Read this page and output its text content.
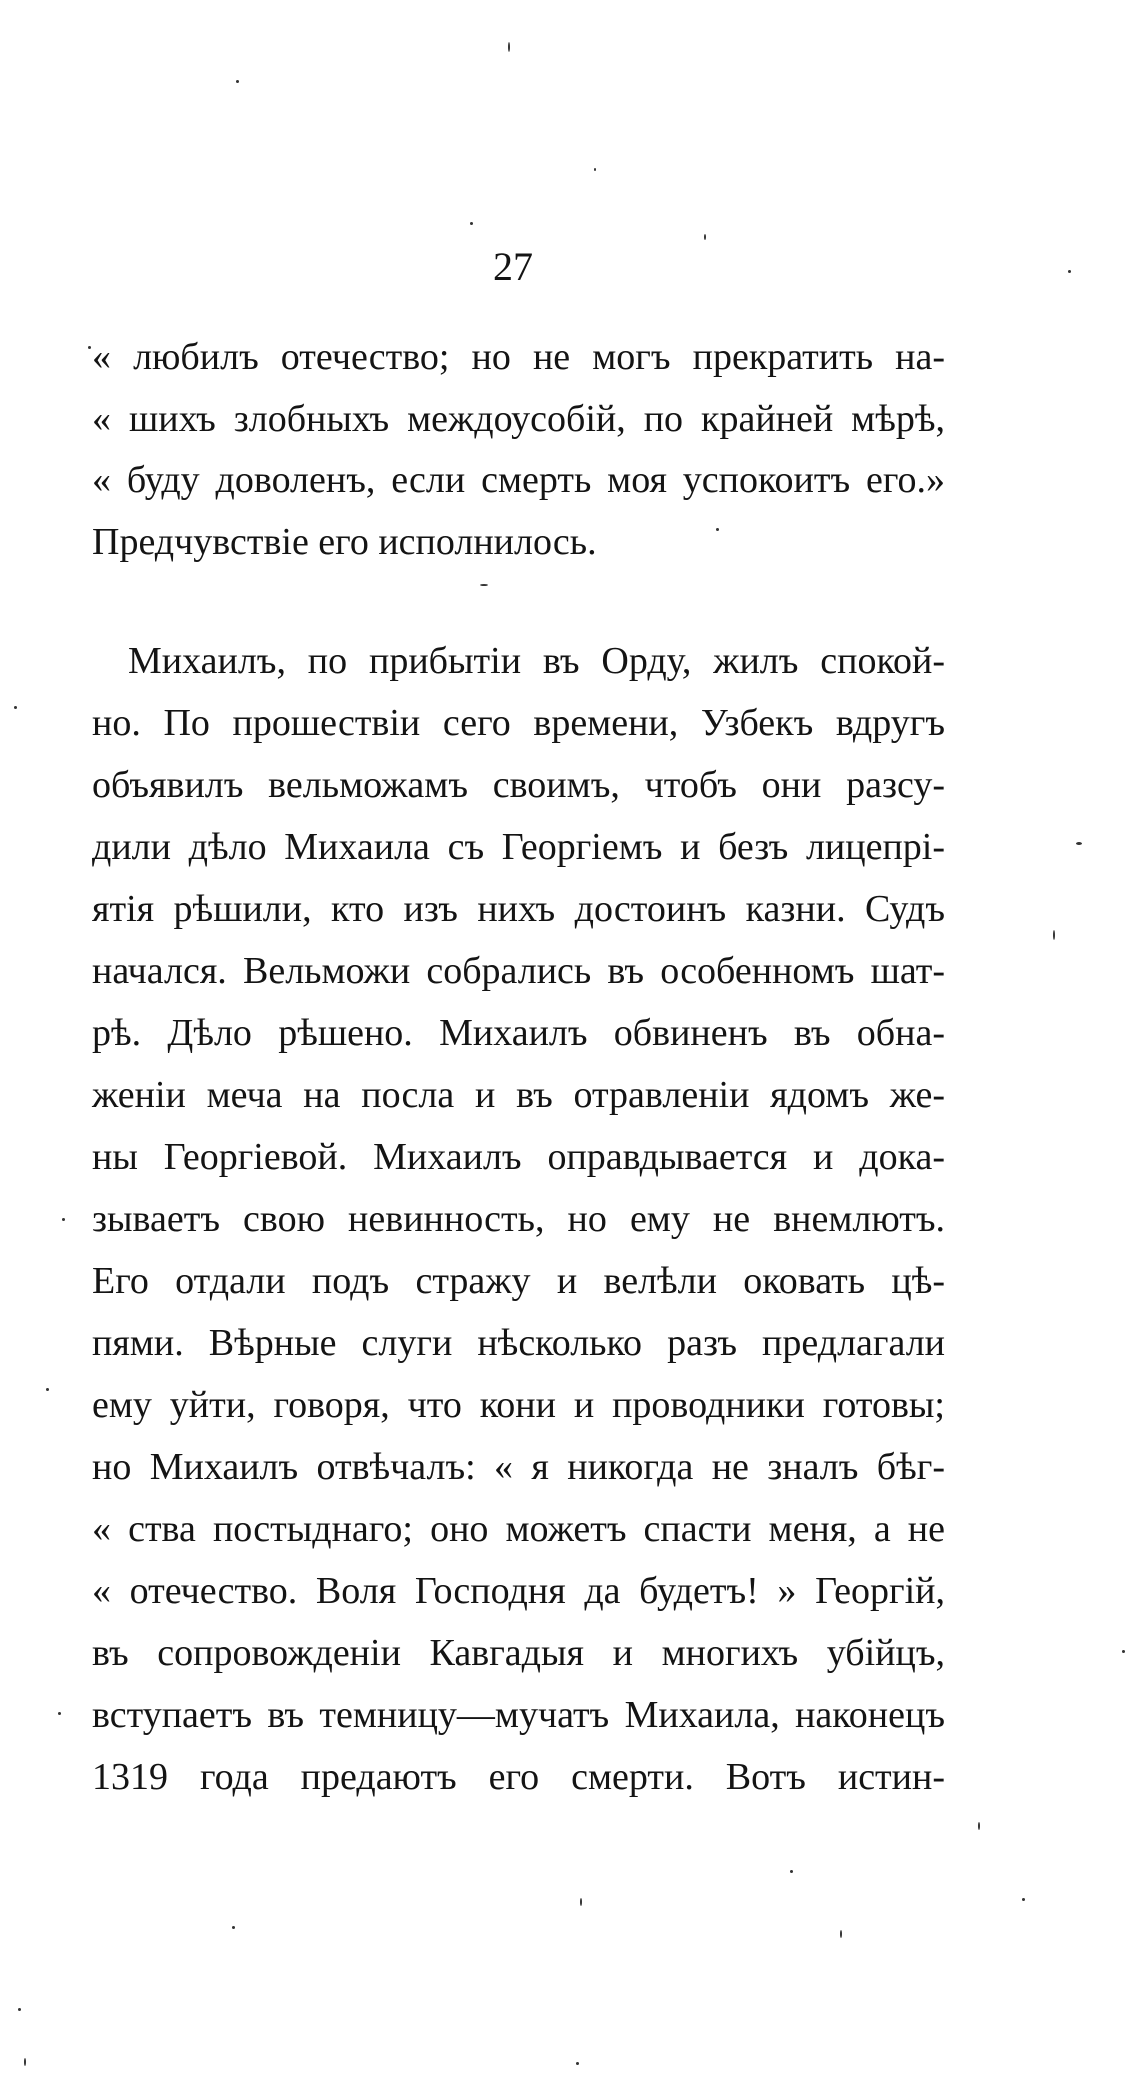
27
« любилъ отечество; но не могъ прекратить на-
« шихъ злобныхъ междоусобій, по крайней мѣрѣ,
« буду доволенъ, если смерть моя успокоитъ его.»
Предчувствіе его исполнилось.
Михаилъ, по прибытіи въ Орду, жилъ спокой-
но. По прошествіи сего времени, Узбекъ вдругъ
объявилъ вельможамъ своимъ, чтобъ они разсу-
дили дѣло Михаила съ Георгіемъ и безъ лицепрі-
ятія рѣшили, кто изъ нихъ достоинъ казни. Судъ
начался. Вельможи собрались въ особенномъ шат-
рѣ. Дѣло рѣшено. Михаилъ обвиненъ въ обна-
женіи меча на посла и въ отравленіи ядомъ же-
ны Георгіевой. Михаилъ оправдывается и дока-
зываетъ свою невинность, но ему не внемлютъ.
Его отдали подъ стражу и велѣли оковать цѣ-
пями. Вѣрные слуги нѣсколько разъ предлагали
ему уйти, говоря, что кони и проводники готовы;
но Михаилъ отвѣчалъ: « я никогда не зналъ бѣг-
« ства постыднаго; оно можетъ спасти меня, а не
« отечество. Воля Господня да будетъ! » Георгій,
въ сопровожденіи Кавгадыя и многихъ убійцъ,
вступаетъ въ темницу—мучатъ Михаила, наконецъ
1319 года предаютъ его смерти. Вотъ истин-
